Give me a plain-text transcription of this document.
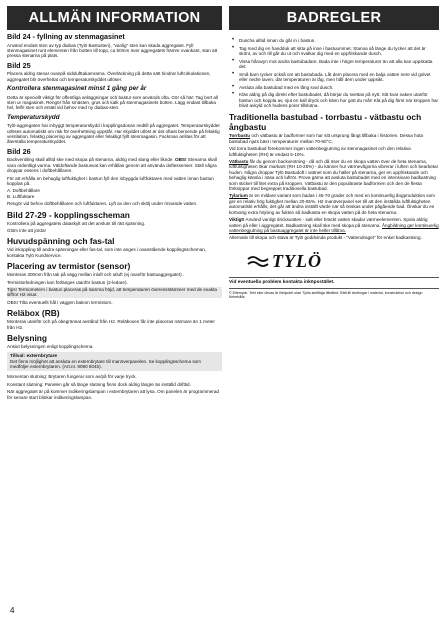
ALLMÄN INFORMATION
Bild 24 - fyllning av stenmagasinet

Använd endast sten av typ diabas (Tylö Bastusten), "vanlig" sten kan skada aggregatet. Fyll stenmagasinet runt elementen från botten till topp, ca 50mm över aggregatets främre ovankant, stan att pressa stenarna på plats.

Bild 25

Placera aldrig stenar ovanpå sidolufttakamrarna. Överläckning på detta sätt hindrar luftcirkulationen, aggregatet blir överhettat och temperaturskyddet utlöser.

Kontrollera stenmagasinet minst 1 gång per år

Detta är speciellt viktigt för offentliga anläggningar och bastur som används ofta. Gör så här: Tag bort all sten ur magasinet. Rengör från smästen, grus och kalk på stenmagasinets botten. Lägg endast tillbaka hel, felfri sten och ersätt vid behov med ny diabas-sten.

Temperaturskydd

Tylö-aggregaten har inbyggt temperaturskydd i kopplingsdosan nedtill på aggregatet. Temperaturskyddet utlöses automatiskt om risk för överhettning uppstår. Har skyddet utlöst är det oftast beroende på felaktig ventilation, felaktig placering av aggregatet eller felaktigt fyllt stenmagasin. Fackman anlitas för att återställa temperaturskyddet.

Bild 26

Backventiling skall alltid ske med skopa på stenarna, aldrig med slang eller liknde. OBS! Stenarna skall vara ordentligt varma. Väldoftande bastusvat kan erhållas genom att använda doftessenser. Ställ några droppar essens i doftbehållaren.

För att erhålla en behaglig luftfuktighet i bastun fyll den inbyggda luftfuktaren med vatten innan bastun kopplas på.

A. Doftbehållare

B. Luftfuktare

Rengör vid behov doftbehållaren och luftfuktaren. Lyft av den och skölj under rinnande vatten.

Bild 27-29 - kopplingsscheman

Kontrollera på aggregatets dataskylt att det ansluts till rätt spänning.

Glöm inte att jorda!

Huvudspänning och fas-tal

Vid inkoppling till andra spänningar eller fas-tal, som inte anges i ovanstående kopplingsscheman, kontakta Tylö Kundservice.

Placering av termistor (sensor)

Monteras 300mm från tak på vägg mellan inluft och utluft (ej ovanför bastuaggregatet) .

Termistorledningen kan förlänges utanför bastun (2-ledare).

Tips! Termometern i bastun placeras på samma höjd, att temperaturen överensstämmer med de exakta siffror H2 visar.

OBS! Tilta eventuellt hål i väggen bakom termistorn.

Reläbox (RB)

Monteras utanför och på obegränsat avstånd från H2. Reläboxen får inte placeras närmare än 1 meter från H2.

Belysning

Ansiut belysningen enligt kopplingschema.

Tillval: externbrytare

Det finns möjlighet att ansluta en externbrytare till manöverpanelen. Se kopplingsschema som medföljer externbrytaren. (Art.nr. 9090 8045).

Momentan slutning: Brytaren fungerar som av/på för varje tryck.

Konstant slutning: Panelen går så länge slutning finns dock aldrig längre än inställd drifttid.

När aggregatet är på kommer indikeringslampan i externbrytaren att lysa. Om panelen är programmerad för senare start blinkar indikeringslampan.

BADREGLER
• Duscha alltid innan du går in i bastun.
• Tag med dig en handduk att sitta på inne i bastuummet. Stanna så länge du tycker att det är skönt, av och till går du ut och svalkar dig med en uppfriskande dusch.
• Vissa håravyn mot andra bastubadare. Bada inte i högre temperaturer än att alla kan uppskatta det.
• Små barn tycker också om att bastubada. Låt dem placera med en balja vatten nere vid golvet eller nedre laven, där temperaturen är låg, men håll dem under uppsikt.
• Avsluta alla bastubad med en lång sval dusch.
• Kläs aldrig på dig direkt efter bastubadet, då börjar du svettas på nytt. Sitt kvar naken utanför bastun och koppla av, njut en kall dryck och känn hur gott du mår! Klä på dig först när kroppen har blivit avkyld och hudens porer tillslutna.
Traditionella bastubad - torrbastu - vätbastu och ångbastu

Torrbastu och vätbastu är badformer som har sitt ursprung långt tillbaka i historien. Dessa hota bastubad njuts bäst i temperaturer mellan 70-90°C.

Vid torra bastubad förekommer ingen vattenbegjutning av stenmagasinet och den relativa luftfuktigheten (RH) är endast 5-10%.

Vätbastu får du genom backventning - då och då öser du en skopa vatten över de heta stenarna, luftfuktigheten ökar markant (RH 10-25%) - du känner hur värmevågorna vibrerar i luften och bearbetar huden. Några droppar Tylö Bastudoft i vattnet som du häller på stenarna, ger en uppfriskande och behaglig känsla i näsa och luftrör. Prova gärna att avsluta bastubadet med en intensivare badkastning som sticker till litet extra på kroppen. Vätbastu är den populäraste badformen och den de flesta förknippar med begreppet traditionella bastubad.

Tylarium är en mildare variant som badas i 45-70 grader och med en kontinuerlig ångproduktion som ger en relativ hög fuktighet mellan 20-65%. H2 manöverpanel ser till att den inställda luftfuktigheten automatiskt erhålls, det går att ändra inställt värde när så önskas under pågående bad. Önskar du en kortvarig extra höjning av fukten så badkasta en skopa vatten på de heta stenarna.

Viktigt! Använd vanligt dricksvatten - salt eller bräckt vatten skadar värmeelementen. Spola aldrig vatten på eller i aggregatet. Badkastning skall ske med skopa på stenarna. Ångbildning ger kontinuerlig vattenbegjutning på bastuaggregatet är inte heller tillåtna.

Alternativ till skopa och stava är Tylö goddvinda produkt - "Vattendraget" för enkel badkastning.

TYLÖ
Vid eventuella problem kontakta inköpsstället.

© Eltemyck. Tekt eller devas är förbjudet utan Tylös skriftliga tillstånd. Rätt till ändringar i material, konstruktion och design förbehålls.

4
